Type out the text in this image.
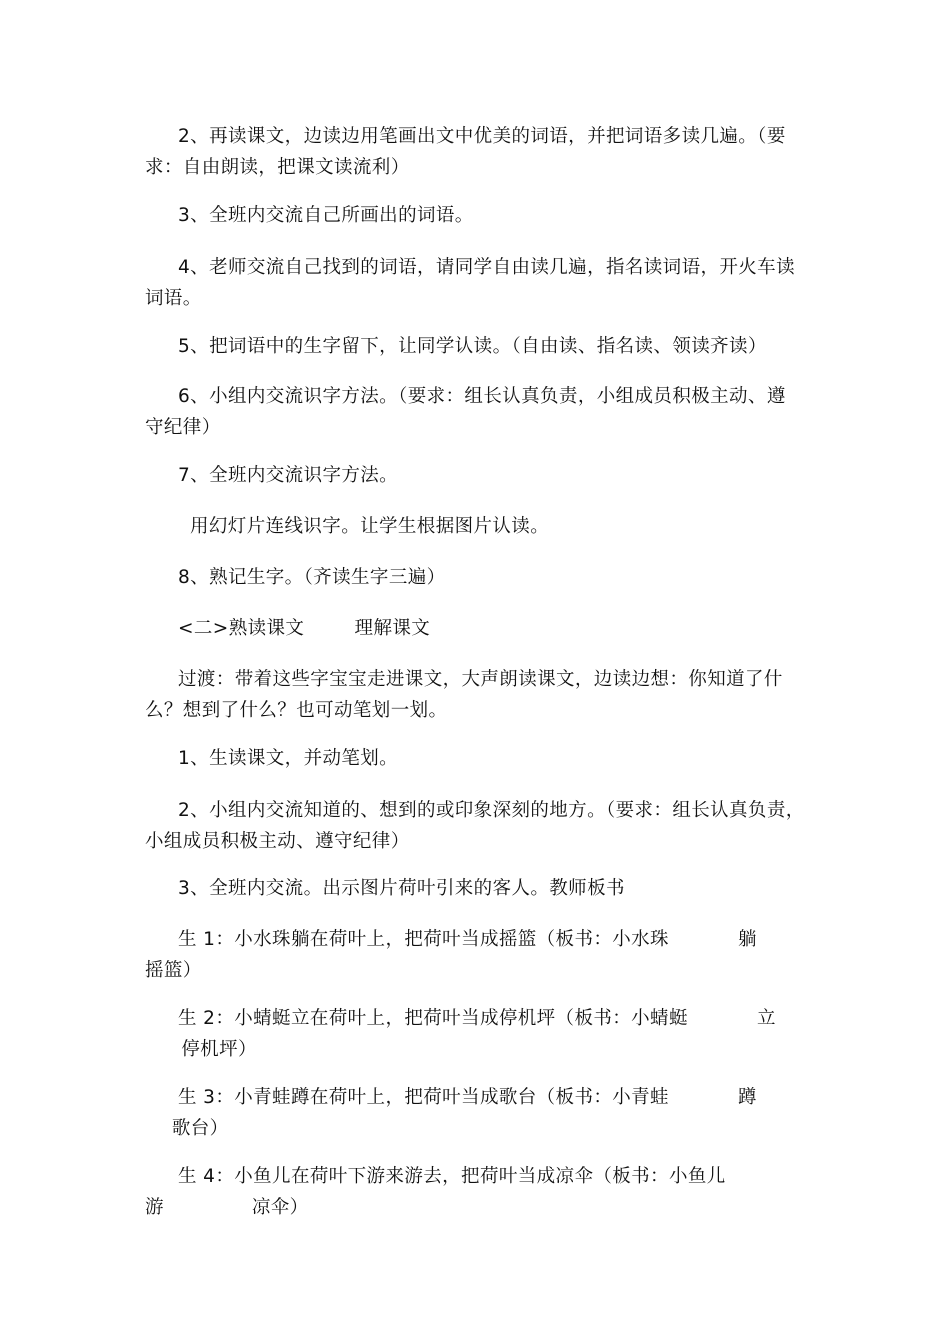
2、再读课文，边读边用笔画出文中优美的词语，并把词语多读几遍。（要
求：自由朗读，把课文读流利）
3、全班内交流自己所画出的词语。
4、老师交流自己找到的词语，请同学自由读几遍，指名读词语，开火车读
词语。
5、把词语中的生字留下，让同学认读。（自由读、指名读、领读齐读）
6、小组内交流识字方法。（要求：组长认真负责，小组成员积极主动、遵
守纪律）
7、全班内交流识字方法。
用幻灯片连线识字。让学生根据图片认读。
8、熟记生字。（齐读生字三遍）
<二>熟读课文        理解课文
过渡：带着这些字宝宝走进课文，大声朗读课文，边读边想：你知道了什
么？想到了什么？也可动笔划一划。
1、生读课文，并动笔划。
2、小组内交流知道的、想到的或印象深刻的地方。（要求：组长认真负责，
小组成员积极主动、遵守纪律）
3、全班内交流。出示图片荷叶引来的客人。教师板书
生 1：小水珠躺在荷叶上，把荷叶当成摇篮（板书：小水珠           躺
摇篮）
生 2：小蜻蜓立在荷叶上，把荷叶当成停机坪（板书：小蜻蜓           立
停机坪）
生 3：小青蛙蹲在荷叶上，把荷叶当成歌台（板书：小青蛙           蹲
歌台）
生 4：小鱼儿在荷叶下游来游去，把荷叶当成凉伞（板书：小鱼儿
游              凉伞）
